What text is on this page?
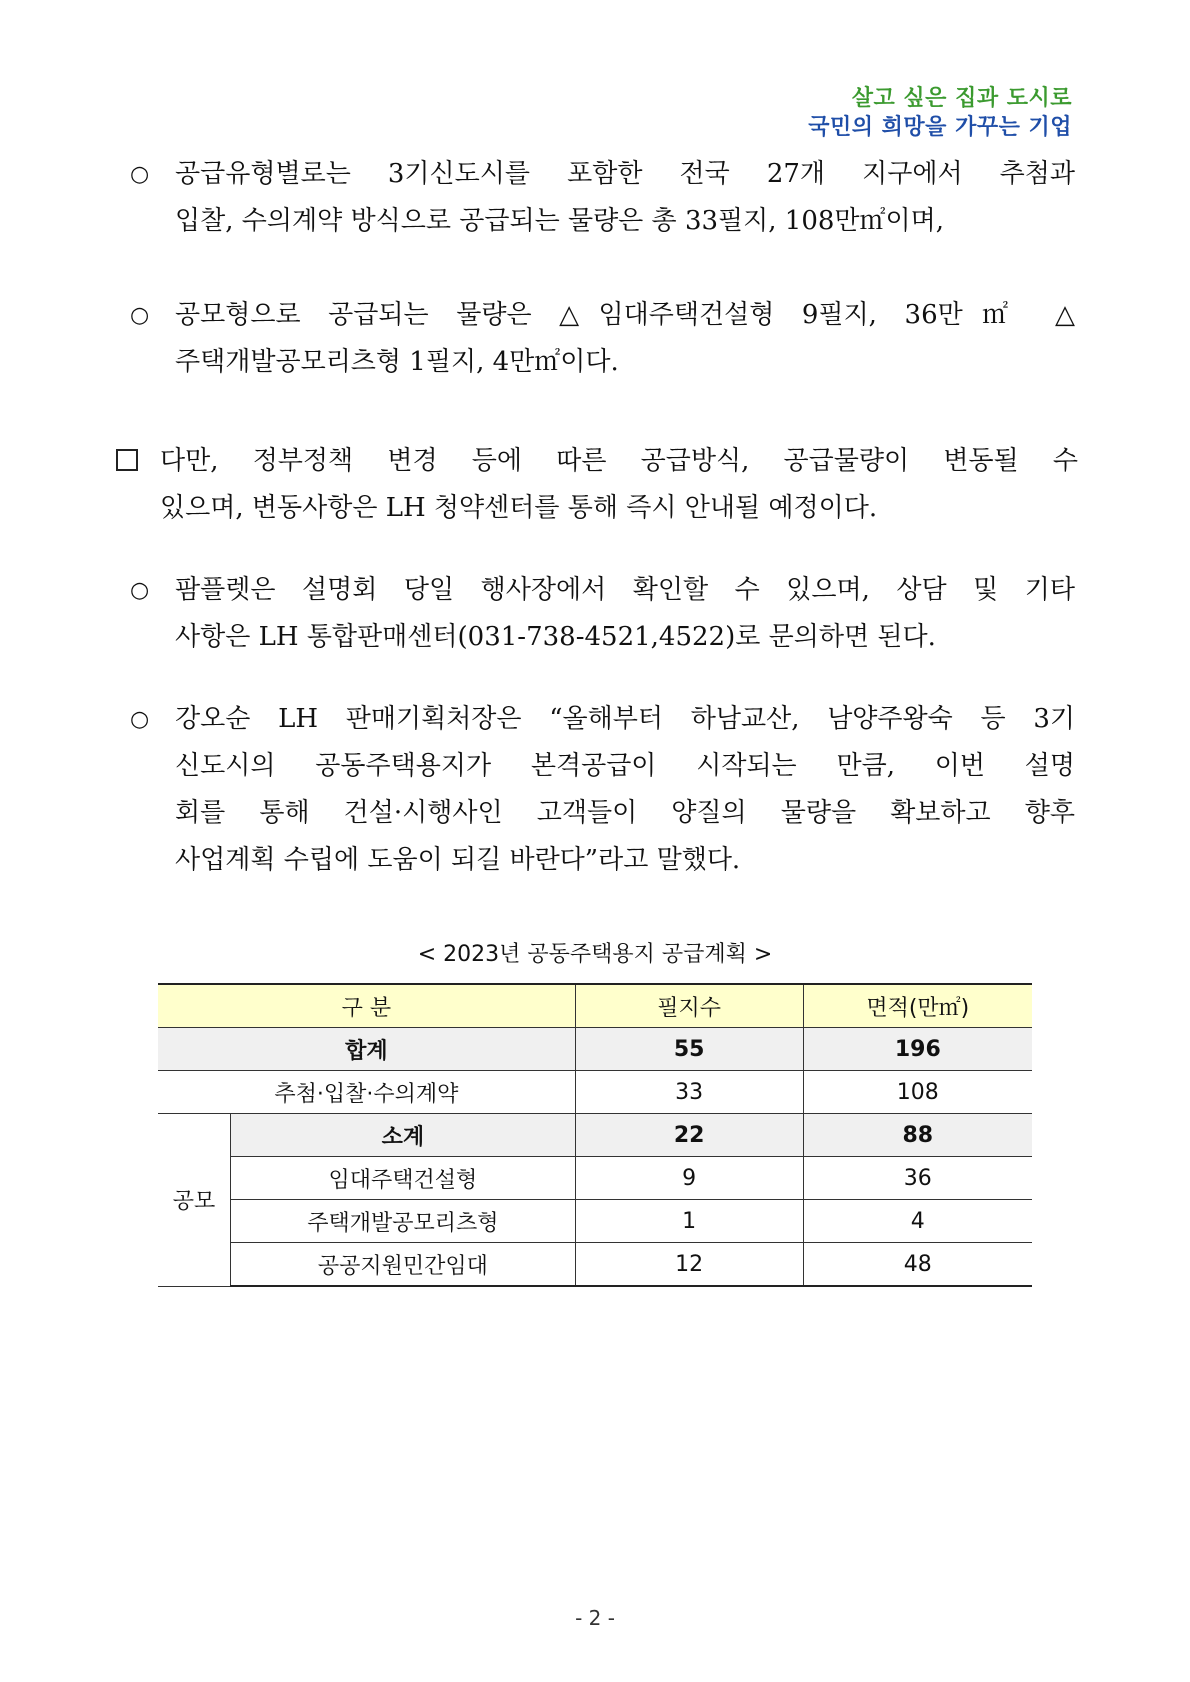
살고 싶은 집과 도시로
국민의 희망을 가꾸는 기업
○ 공급유형별로는 3기신도시를 포함한 전국 27개 지구에서 추첨과
입찰, 수의계약 방식으로 공급되는 물량은 총 33필지, 108만㎡이며,
○ 공모형으로 공급되는 물량은 △임대주택건설형 9필지, 36만㎡ △
주택개발공모리츠형 1필지, 4만㎡이다.
다만, 정부정책 변경 등에 따른 공급방식, 공급물량이 변동될 수
있으며, 변동사항은 LH 청약센터를 통해 즉시 안내될 예정이다.
○ 팜플렛은 설명회 당일 행사장에서 확인할 수 있으며, 상담 및 기타
사항은 LH 통합판매센터(031-738-4521,4522)로 문의하면 된다.
○ 강오순 LH 판매기획처장은 “올해부터 하남교산, 남양주왕숙 등 3기
신도시의 공동주택용지가 본격공급이 시작되는 만큼, 이번 설명
회를 통해 건설·시행사인 고객들이 양질의 물량을 확보하고 향후
사업계획 수립에 도움이 되길 바란다”라고 말했다.
< 2023년 공동주택용지 공급계획 >
구 분		필지수	면적(만㎡)
합계		55	196
추첨·입찰·수의계약		33	108
공모	소계	22	88
	임대주택건설형	9	36
	주택개발공모리츠형	1	4
	공공지원민간임대	12	48
- 2 -
